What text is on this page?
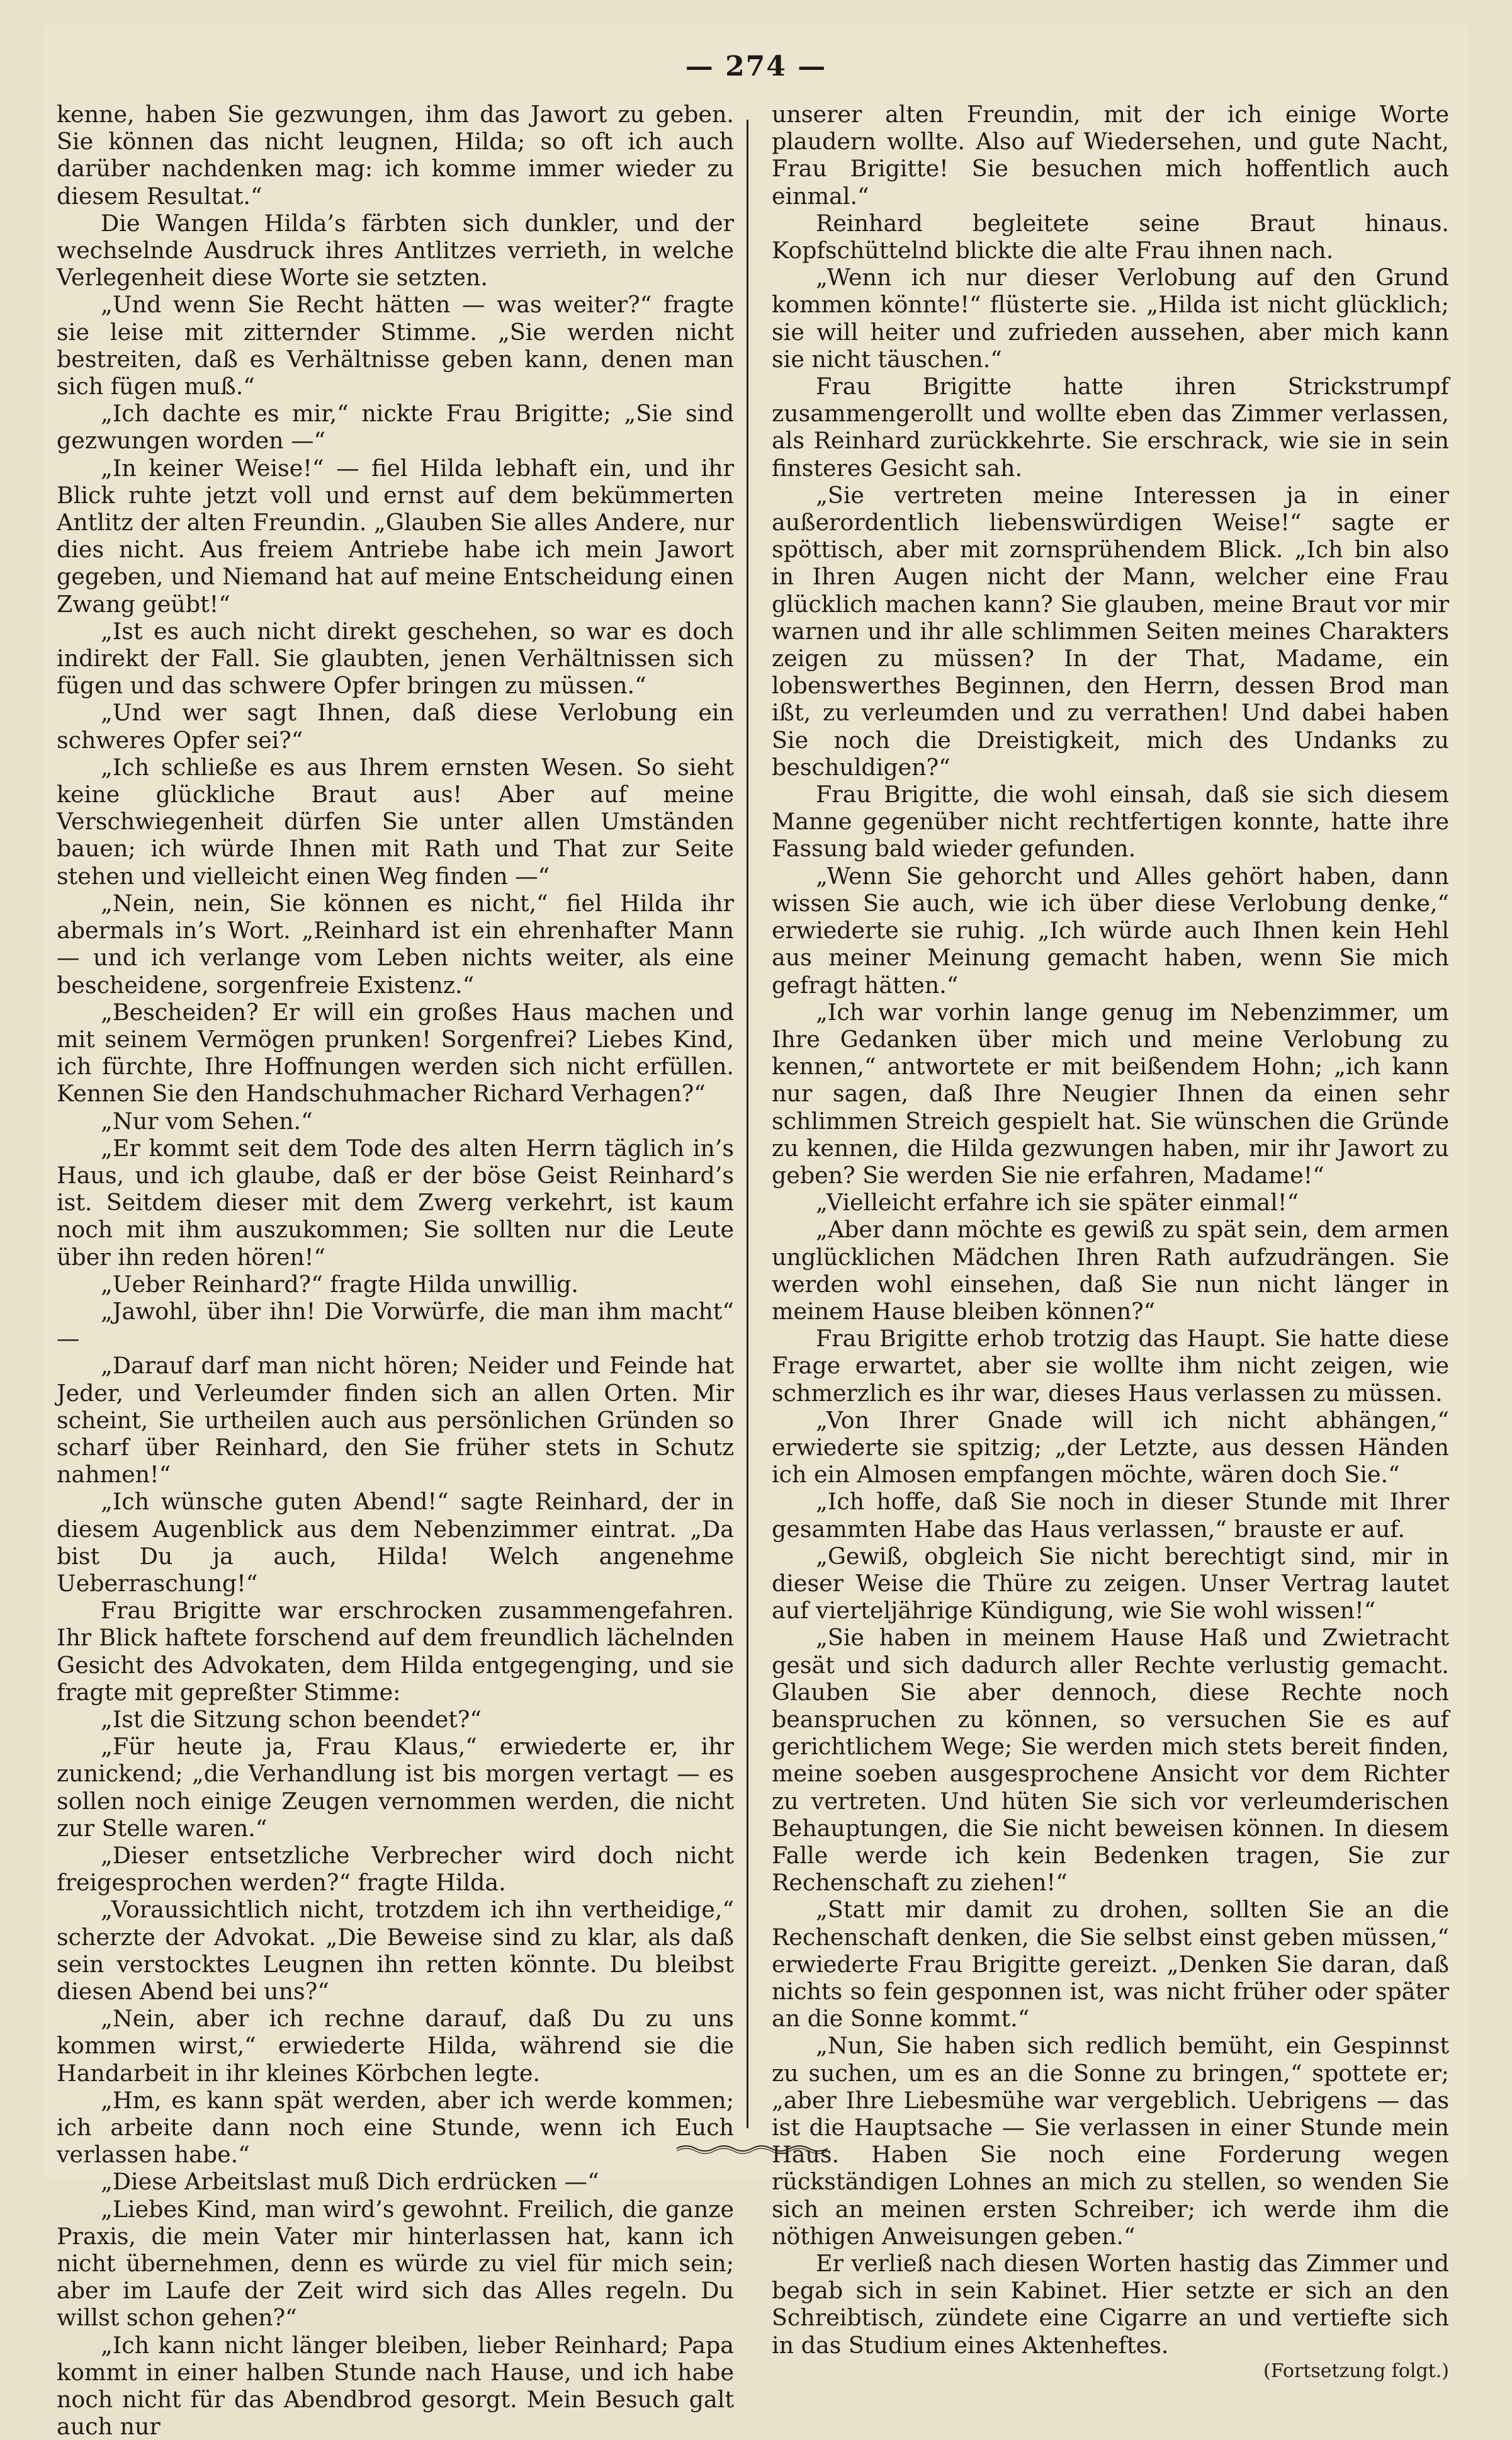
— 274 —

kenne, haben Sie gezwungen, ihm das Jawort zu geben. Sie können das nicht leugnen, Hilda; so oft ich auch darüber nachdenken mag: ich komme immer wieder zu diesem Resultat.“

Die Wangen Hilda’s färbten sich dunkler, und der wechselnde Ausdruck ihres Antlitzes verrieth, in welche Verlegenheit diese Worte sie setzten.

„Und wenn Sie Recht hätten — was weiter?“ fragte sie leise mit zitternder Stimme. „Sie werden nicht bestreiten, daß es Verhältnisse geben kann, denen man sich fügen muß.“

„Ich dachte es mir,“ nickte Frau Brigitte; „Sie sind gezwungen worden —“

„In keiner Weise!“ — fiel Hilda lebhaft ein, und ihr Blick ruhte jetzt voll und ernst auf dem bekümmerten Antlitz der alten Freundin. „Glauben Sie alles Andere, nur dies nicht. Aus freiem Antriebe habe ich mein Jawort gegeben, und Niemand hat auf meine Entscheidung einen Zwang geübt!“

„Ist es auch nicht direkt geschehen, so war es doch indirekt der Fall. Sie glaubten, jenen Verhältnissen sich fügen und das schwere Opfer bringen zu müssen.“

„Und wer sagt Ihnen, daß diese Verlobung ein schweres Opfer sei?“

„Ich schließe es aus Ihrem ernsten Wesen. So sieht keine glückliche Braut aus! Aber auf meine Verschwiegenheit dürfen Sie unter allen Umständen bauen; ich würde Ihnen mit Rath und That zur Seite stehen und vielleicht einen Weg finden —“

„Nein, nein, Sie können es nicht,“ fiel Hilda ihr abermals in’s Wort. „Reinhard ist ein ehrenhafter Mann — und ich verlange vom Leben nichts weiter, als eine bescheidene, sorgenfreie Existenz.“

„Bescheiden? Er will ein großes Haus machen und mit seinem Vermögen prunken! Sorgenfrei? Liebes Kind, ich fürchte, Ihre Hoffnungen werden sich nicht erfüllen. Kennen Sie den Handschuhmacher Richard Verhagen?“

„Nur vom Sehen.“

„Er kommt seit dem Tode des alten Herrn täglich in’s Haus, und ich glaube, daß er der böse Geist Reinhard’s ist. Seitdem dieser mit dem Zwerg verkehrt, ist kaum noch mit ihm auszukommen; Sie sollten nur die Leute über ihn reden hören!“

„Ueber Reinhard?“ fragte Hilda unwillig.

„Jawohl, über ihn! Die Vorwürfe, die man ihm macht“ —

„Darauf darf man nicht hören; Neider und Feinde hat Jeder, und Verleumder finden sich an allen Orten. Mir scheint, Sie urtheilen auch aus persönlichen Gründen so scharf über Reinhard, den Sie früher stets in Schutz nahmen!“

„Ich wünsche guten Abend!“ sagte Reinhard, der in diesem Augenblick aus dem Nebenzimmer eintrat. „Da bist Du ja auch, Hilda! Welch angenehme Ueberraschung!“

Frau Brigitte war erschrocken zusammengefahren. Ihr Blick haftete forschend auf dem freundlich lächelnden Gesicht des Advokaten, dem Hilda entgegenging, und sie fragte mit gepreßter Stimme:

„Ist die Sitzung schon beendet?“

„Für heute ja, Frau Klaus,“ erwiederte er, ihr zunickend; „die Verhandlung ist bis morgen vertagt — es sollen noch einige Zeugen vernommen werden, die nicht zur Stelle waren.“

„Dieser entsetzliche Verbrecher wird doch nicht freigesprochen werden?“ fragte Hilda.

„Voraussichtlich nicht, trotzdem ich ihn vertheidige,“ scherzte der Advokat. „Die Beweise sind zu klar, als daß sein verstocktes Leugnen ihn retten könnte. Du bleibst diesen Abend bei uns?“

„Nein, aber ich rechne darauf, daß Du zu uns kommen wirst,“ erwiederte Hilda, während sie die Handarbeit in ihr kleines Körbchen legte.

„Hm, es kann spät werden, aber ich werde kommen; ich arbeite dann noch eine Stunde, wenn ich Euch verlassen habe.“

„Diese Arbeitslast muß Dich erdrücken —“

„Liebes Kind, man wird’s gewohnt. Freilich, die ganze Praxis, die mein Vater mir hinterlassen hat, kann ich nicht übernehmen, denn es würde zu viel für mich sein; aber im Laufe der Zeit wird sich das Alles regeln. Du willst schon gehen?“

„Ich kann nicht länger bleiben, lieber Reinhard; Papa kommt in einer halben Stunde nach Hause, und ich habe noch nicht für das Abendbrod gesorgt. Mein Besuch galt auch nur

unserer alten Freundin, mit der ich einige Worte plaudern wollte. Also auf Wiedersehen, und gute Nacht, Frau Brigitte! Sie besuchen mich hoffentlich auch einmal.“

Reinhard begleitete seine Braut hinaus. Kopfschüttelnd blickte die alte Frau ihnen nach.

„Wenn ich nur dieser Verlobung auf den Grund kommen könnte!“ flüsterte sie. „Hilda ist nicht glücklich; sie will heiter und zufrieden aussehen, aber mich kann sie nicht täuschen.“

Frau Brigitte hatte ihren Strickstrumpf zusammengerollt und wollte eben das Zimmer verlassen, als Reinhard zurückkehrte. Sie erschrack, wie sie in sein finsteres Gesicht sah.

„Sie vertreten meine Interessen ja in einer außerordentlich liebenswürdigen Weise!“ sagte er spöttisch, aber mit zornsprühendem Blick. „Ich bin also in Ihren Augen nicht der Mann, welcher eine Frau glücklich machen kann? Sie glauben, meine Braut vor mir warnen und ihr alle schlimmen Seiten meines Charakters zeigen zu müssen? In der That, Madame, ein lobenswerthes Beginnen, den Herrn, dessen Brod man ißt, zu verleumden und zu verrathen! Und dabei haben Sie noch die Dreistigkeit, mich des Undanks zu beschuldigen?“

Frau Brigitte, die wohl einsah, daß sie sich diesem Manne gegenüber nicht rechtfertigen konnte, hatte ihre Fassung bald wieder gefunden.

„Wenn Sie gehorcht und Alles gehört haben, dann wissen Sie auch, wie ich über diese Verlobung denke,“ erwiederte sie ruhig. „Ich würde auch Ihnen kein Hehl aus meiner Meinung gemacht haben, wenn Sie mich gefragt hätten.“

„Ich war vorhin lange genug im Nebenzimmer, um Ihre Gedanken über mich und meine Verlobung zu kennen,“ antwortete er mit beißendem Hohn; „ich kann nur sagen, daß Ihre Neugier Ihnen da einen sehr schlimmen Streich gespielt hat. Sie wünschen die Gründe zu kennen, die Hilda gezwungen haben, mir ihr Jawort zu geben? Sie werden Sie nie erfahren, Madame!“

„Vielleicht erfahre ich sie später einmal!“

„Aber dann möchte es gewiß zu spät sein, dem armen unglücklichen Mädchen Ihren Rath aufzudrängen. Sie werden wohl einsehen, daß Sie nun nicht länger in meinem Hause bleiben können?“

Frau Brigitte erhob trotzig das Haupt. Sie hatte diese Frage erwartet, aber sie wollte ihm nicht zeigen, wie schmerzlich es ihr war, dieses Haus verlassen zu müssen.

„Von Ihrer Gnade will ich nicht abhängen,“ erwiederte sie spitzig; „der Letzte, aus dessen Händen ich ein Almosen empfangen möchte, wären doch Sie.“

„Ich hoffe, daß Sie noch in dieser Stunde mit Ihrer gesammten Habe das Haus verlassen,“ brauste er auf.

„Gewiß, obgleich Sie nicht berechtigt sind, mir in dieser Weise die Thüre zu zeigen. Unser Vertrag lautet auf vierteljährige Kündigung, wie Sie wohl wissen!“

„Sie haben in meinem Hause Haß und Zwietracht gesät und sich dadurch aller Rechte verlustig gemacht. Glauben Sie aber dennoch, diese Rechte noch beanspruchen zu können, so versuchen Sie es auf gerichtlichem Wege; Sie werden mich stets bereit finden, meine soeben ausgesprochene Ansicht vor dem Richter zu vertreten. Und hüten Sie sich vor verleumderischen Behauptungen, die Sie nicht beweisen können. In diesem Falle werde ich kein Bedenken tragen, Sie zur Rechenschaft zu ziehen!“

„Statt mir damit zu drohen, sollten Sie an die Rechenschaft denken, die Sie selbst einst geben müssen,“ erwiederte Frau Brigitte gereizt. „Denken Sie daran, daß nichts so fein gesponnen ist, was nicht früher oder später an die Sonne kommt.“

„Nun, Sie haben sich redlich bemüht, ein Gespinnst zu suchen, um es an die Sonne zu bringen,“ spottete er; „aber Ihre Liebesmühe war vergeblich. Uebrigens — das ist die Hauptsache — Sie verlassen in einer Stunde mein Haus. Haben Sie noch eine Forderung wegen rückständigen Lohnes an mich zu stellen, so wenden Sie sich an meinen ersten Schreiber; ich werde ihm die nöthigen Anweisungen geben.“

Er verließ nach diesen Worten hastig das Zimmer und begab sich in sein Kabinet. Hier setzte er sich an den Schreibtisch, zündete eine Cigarre an und vertiefte sich in das Studium eines Aktenheftes.

(Fortsetzung folgt.)
